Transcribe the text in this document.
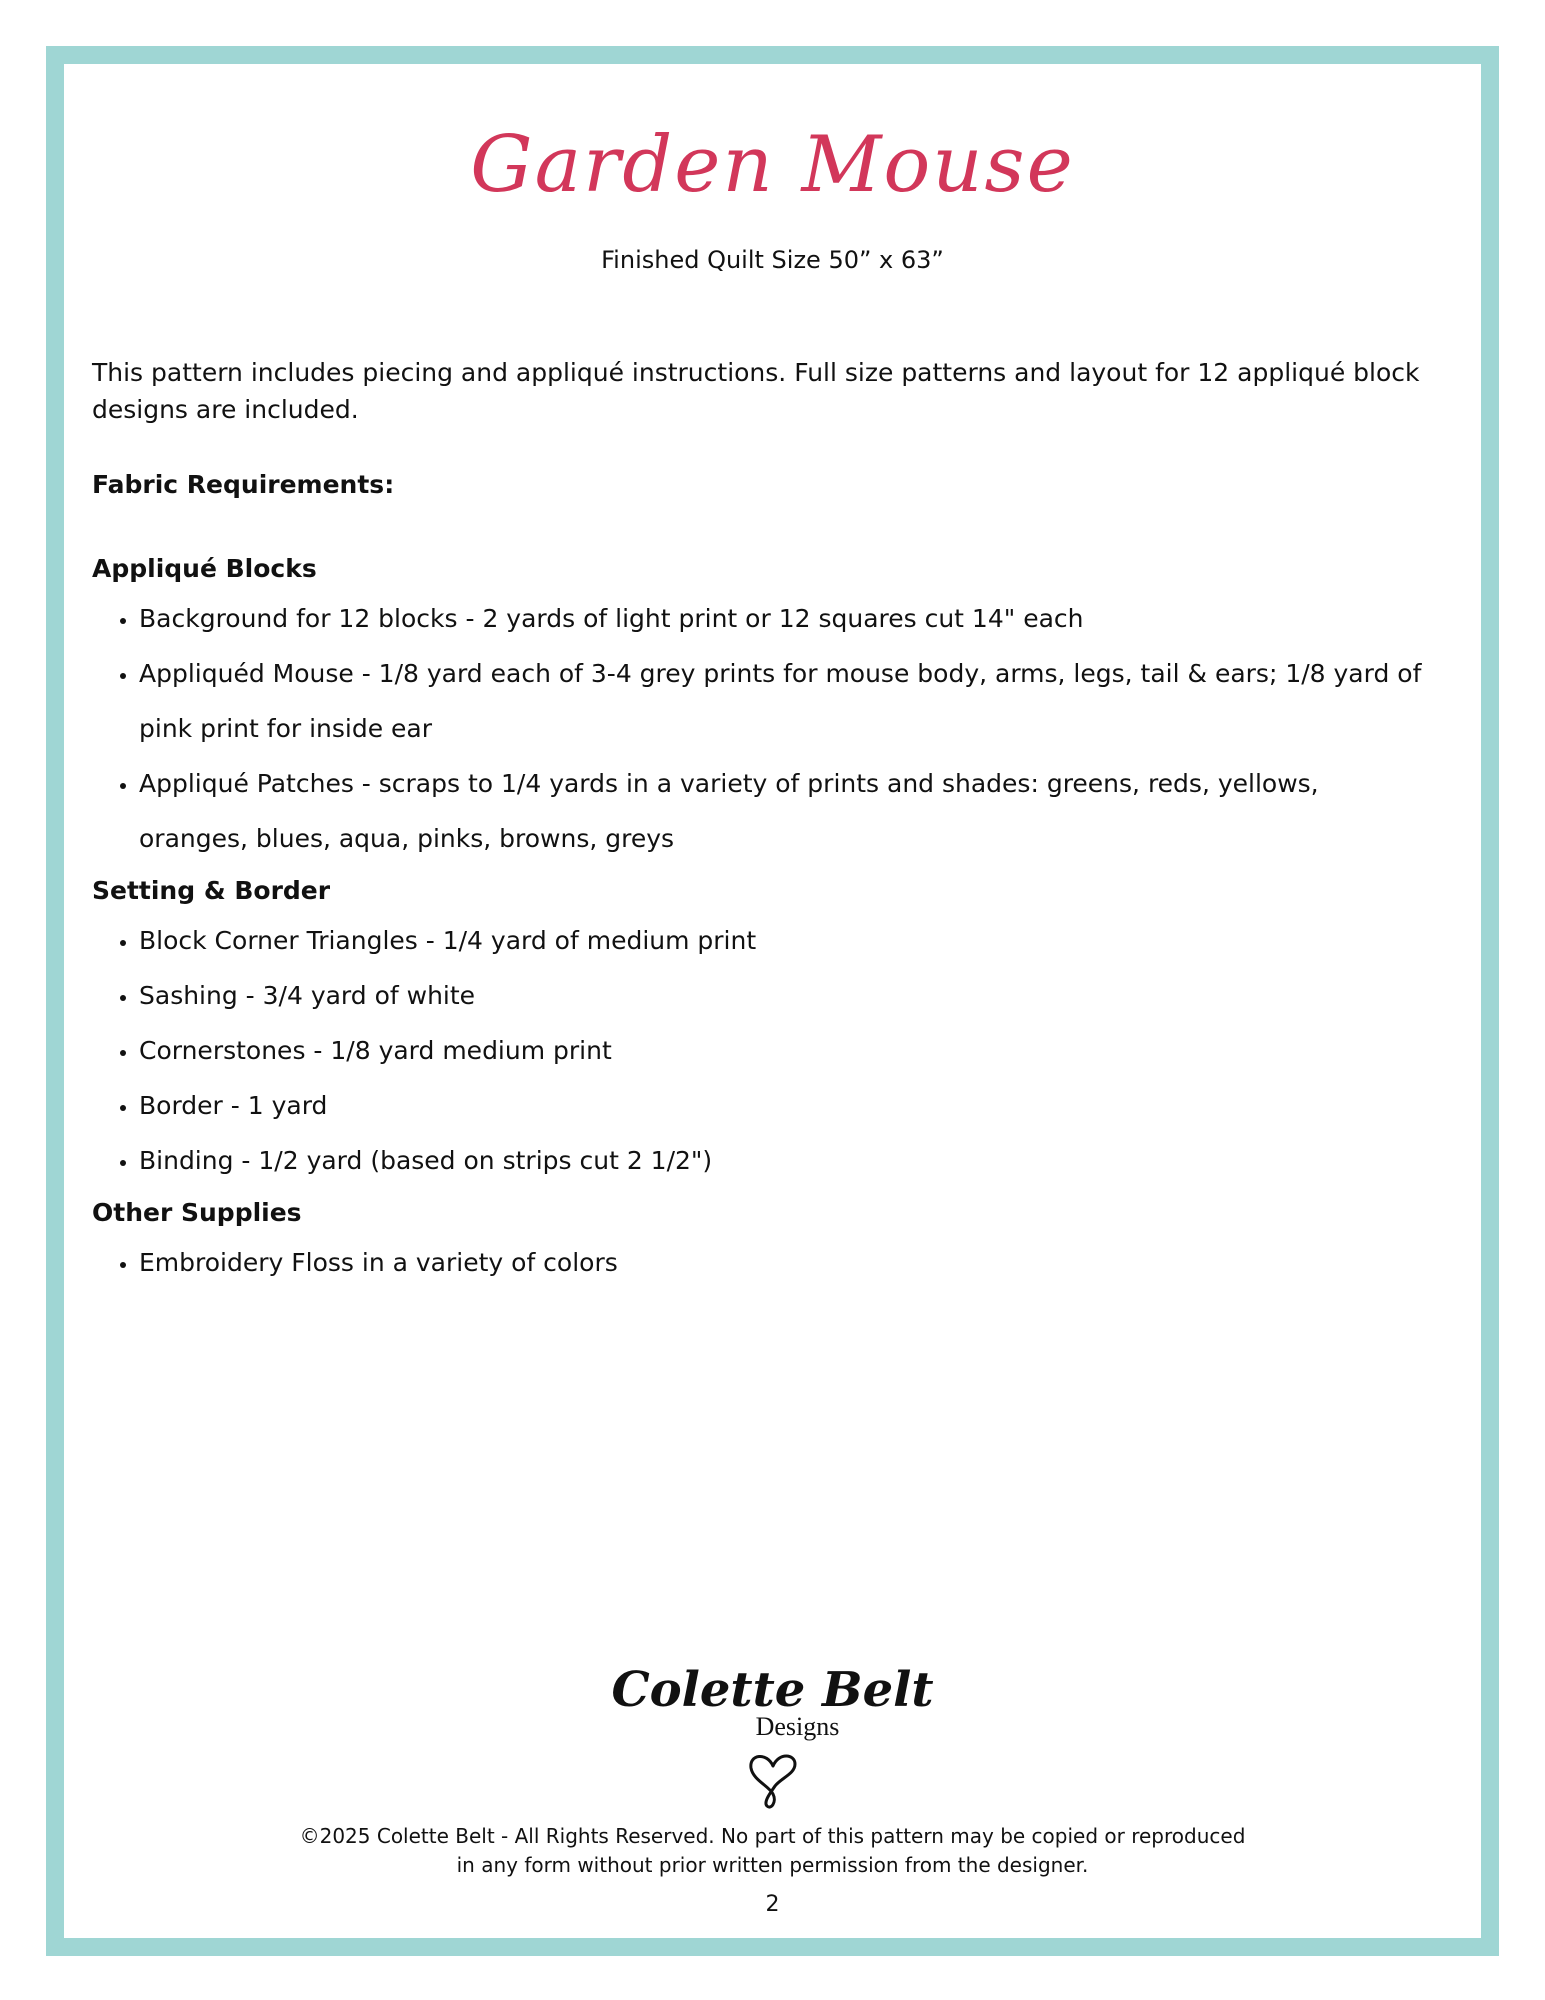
Garden Mouse

Finished Quilt Size 50” x 63”

This pattern includes piecing and appliqué instructions. Full size patterns and layout for 12 appliqué block designs are included.

Fabric Requirements:

Appliqué Blocks

• Background for 12 blocks - 2 yards of light print or 12 squares cut 14" each
• Appliquéd Mouse - 1/8 yard each of 3-4 grey prints for mouse body, arms, legs, tail & ears; 1/8 yard of pink print for inside ear
• Appliqué Patches - scraps to 1/4 yards in a variety of prints and shades: greens, reds, yellows, oranges, blues, aqua, pinks, browns, greys

Setting & Border

• Block Corner Triangles - 1/4 yard of medium print
• Sashing - 3/4 yard of white
• Cornerstones - 1/8 yard medium print
• Border - 1 yard
• Binding - 1/2 yard (based on strips cut 2 1/2")

Other Supplies

• Embroidery Floss in a variety of colors
Colette Belt
Designs
©2025 Colette Belt - All Rights Reserved. No part of this pattern may be copied or reproduced
in any form without prior written permission from the designer.
2
